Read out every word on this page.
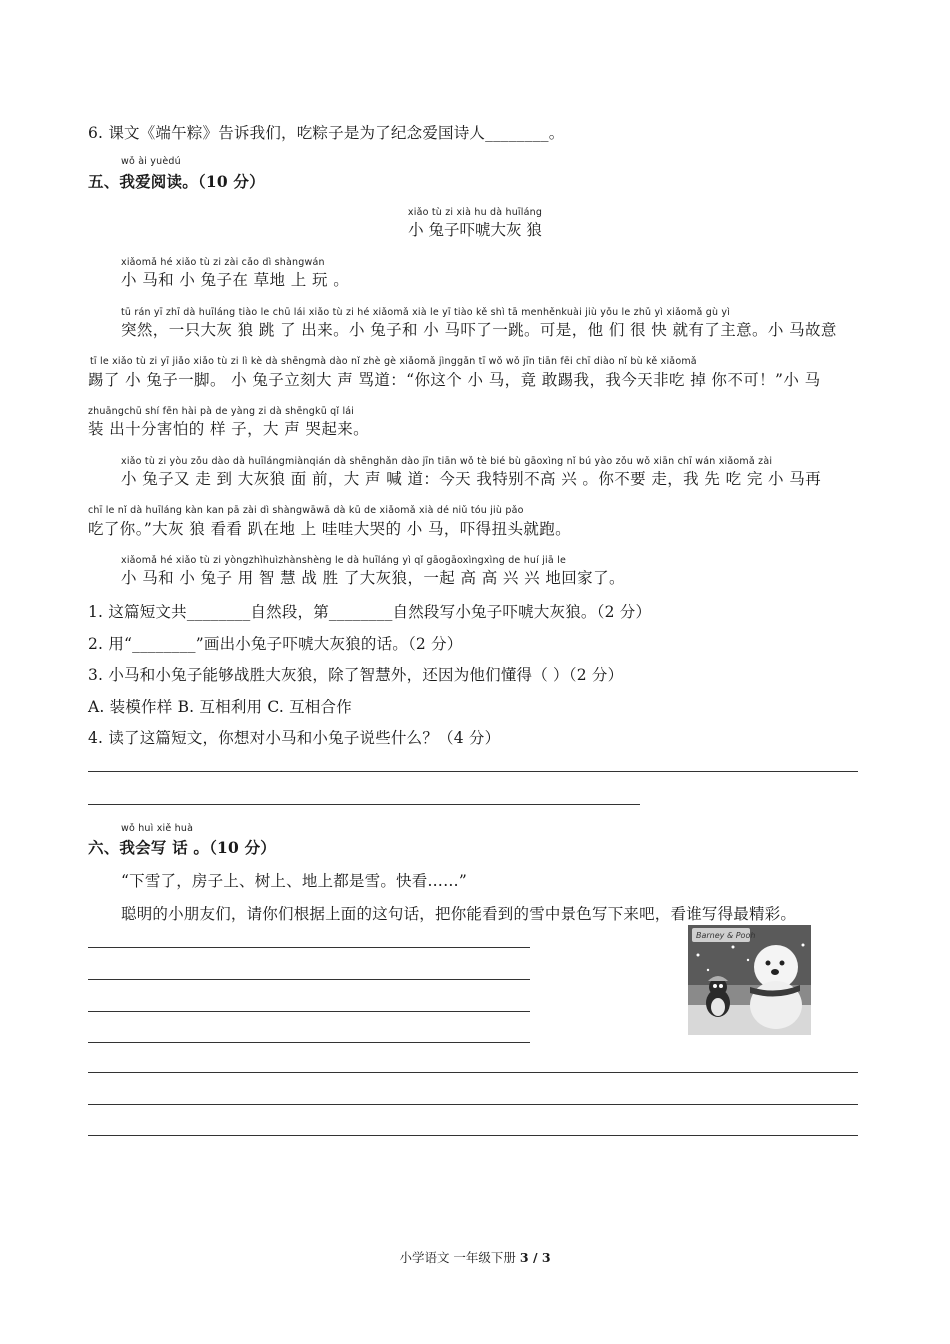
6. 课文《端午粽》告诉我们，吃粽子是为了纪念爱国诗人________。
wǒ ài yuèdú
五、我爱阅读。（10 分）
xiǎo tù zi xià hu dà huīláng
小 兔子吓唬大灰 狼
xiǎomǎ hé xiǎo tù zi zài cǎo dì shàngwán
小 马和 小 兔子在 草地 上 玩 。
tū rán yī zhī dà huīláng tiào le chū lái xiǎo tù zi hé xiǎomǎ xià le yī tiào kě shì tā menhěnkuài jiù yǒu le zhǔ yì xiǎomǎ gù yì
突然，一只大灰 狼 跳 了 出来。小 兔子和 小 马吓了一跳。可是，他 们 很 快 就有了主意。小 马故意
tī le xiǎo tù zi yī jiǎo xiǎo tù zi lì kè dà shēngmà dào nǐ zhè gè xiǎomǎ jìnggǎn tī wǒ wǒ jīn tiān fēi chī diào nǐ bù kě xiǎomǎ
踢了 小 兔子一脚。 小 兔子立刻大 声 骂道：“你这个 小 马，竟 敢踢我，我今天非吃 掉 你不可！”小 马
zhuāngchū shí fēn hài pà de yàng zi dà shēngkū qǐ lái
装 出十分害怕的 样 子，大 声 哭起来。
xiǎo tù zi yòu zǒu dào dà huīlángmiànqián dà shēnghǎn dào jīn tiān wǒ tè bié bù gāoxìng nǐ bú yào zǒu wǒ xiān chī wán xiǎomǎ zài
小 兔子又 走 到 大灰狼 面 前，大 声 喊 道：今天 我特别不高 兴 。你不要 走，我 先 吃 完 小 马再
chī le nǐ dà huīláng kàn kan pā zài dì shàngwāwā dà kū de xiǎomǎ xià dé niǔ tóu jiù pǎo
吃了你。”大灰 狼 看看 趴在地 上 哇哇大哭的 小 马，吓得扭头就跑。
xiǎomǎ hé xiǎo tù zi yòngzhìhuìzhànshèng le dà huīláng yì qǐ gāogāoxìngxìng de huí jiā le
小 马和 小 兔子 用 智 慧 战 胜 了大灰狼，一起 高 高 兴 兴 地回家了。
1. 这篇短文共________自然段，第________自然段写小兔子吓唬大灰狼。（2 分）
2. 用“________”画出小兔子吓唬大灰狼的话。（2 分）
3. 小马和小兔子能够战胜大灰狼，除了智慧外，还因为他们懂得（ ）（2 分）
A. 装模作样 B. 互相利用 C. 互相合作
4. 读了这篇短文，你想对小马和小兔子说些什么？（4 分）
wǒ huì xiě huà
六、我会写 话 。（10 分）
“下雪了，房子上、树上、地上都是雪。快看……”
聪明的小朋友们，请你们根据上面的这句话，把你能看到的雪中景色写下来吧，看谁写得最精彩。
Barney & Pooh
小学语文 一年级下册 3 / 3
